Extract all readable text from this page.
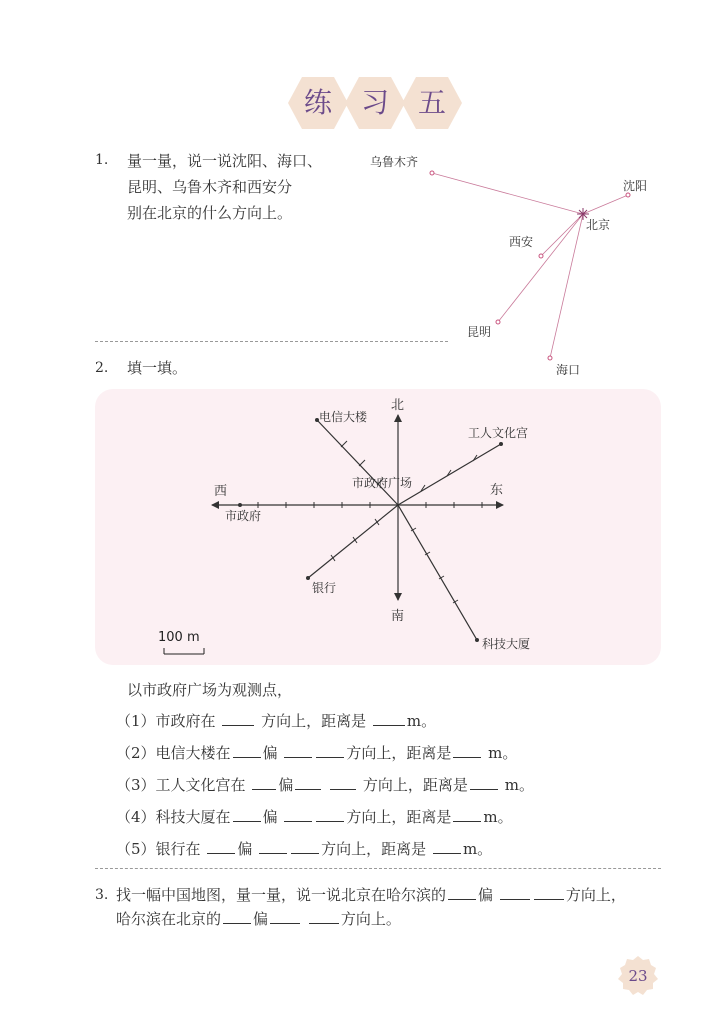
练	习	五
1. 量一量，说一说沈阳、海口、
昆明、乌鲁木齐和西安分
别在北京的什么方向上。
乌鲁木齐
沈阳
北京
西安
昆明
海口
2. 填一填。
北
南
东
西
市政府广场
电信大楼
工人文化宫
市政府
银行
科技大厦
100 m
以市政府广场为观测点，
（1）市政府在	方向上，距离是	m。
（2）电信大楼在 偏	方向上，距离是 m。
（3）工人文化宫在 偏	方向上，距离是 m。
（4）科技大厦在 偏	方向上，距离是 m。
（5）银行在 偏	方向上，距离是 m。
3. 找一幅中国地图，量一量，说一说北京在哈尔滨的 偏	方向上，
哈尔滨在北京的 偏	方向上。
23
